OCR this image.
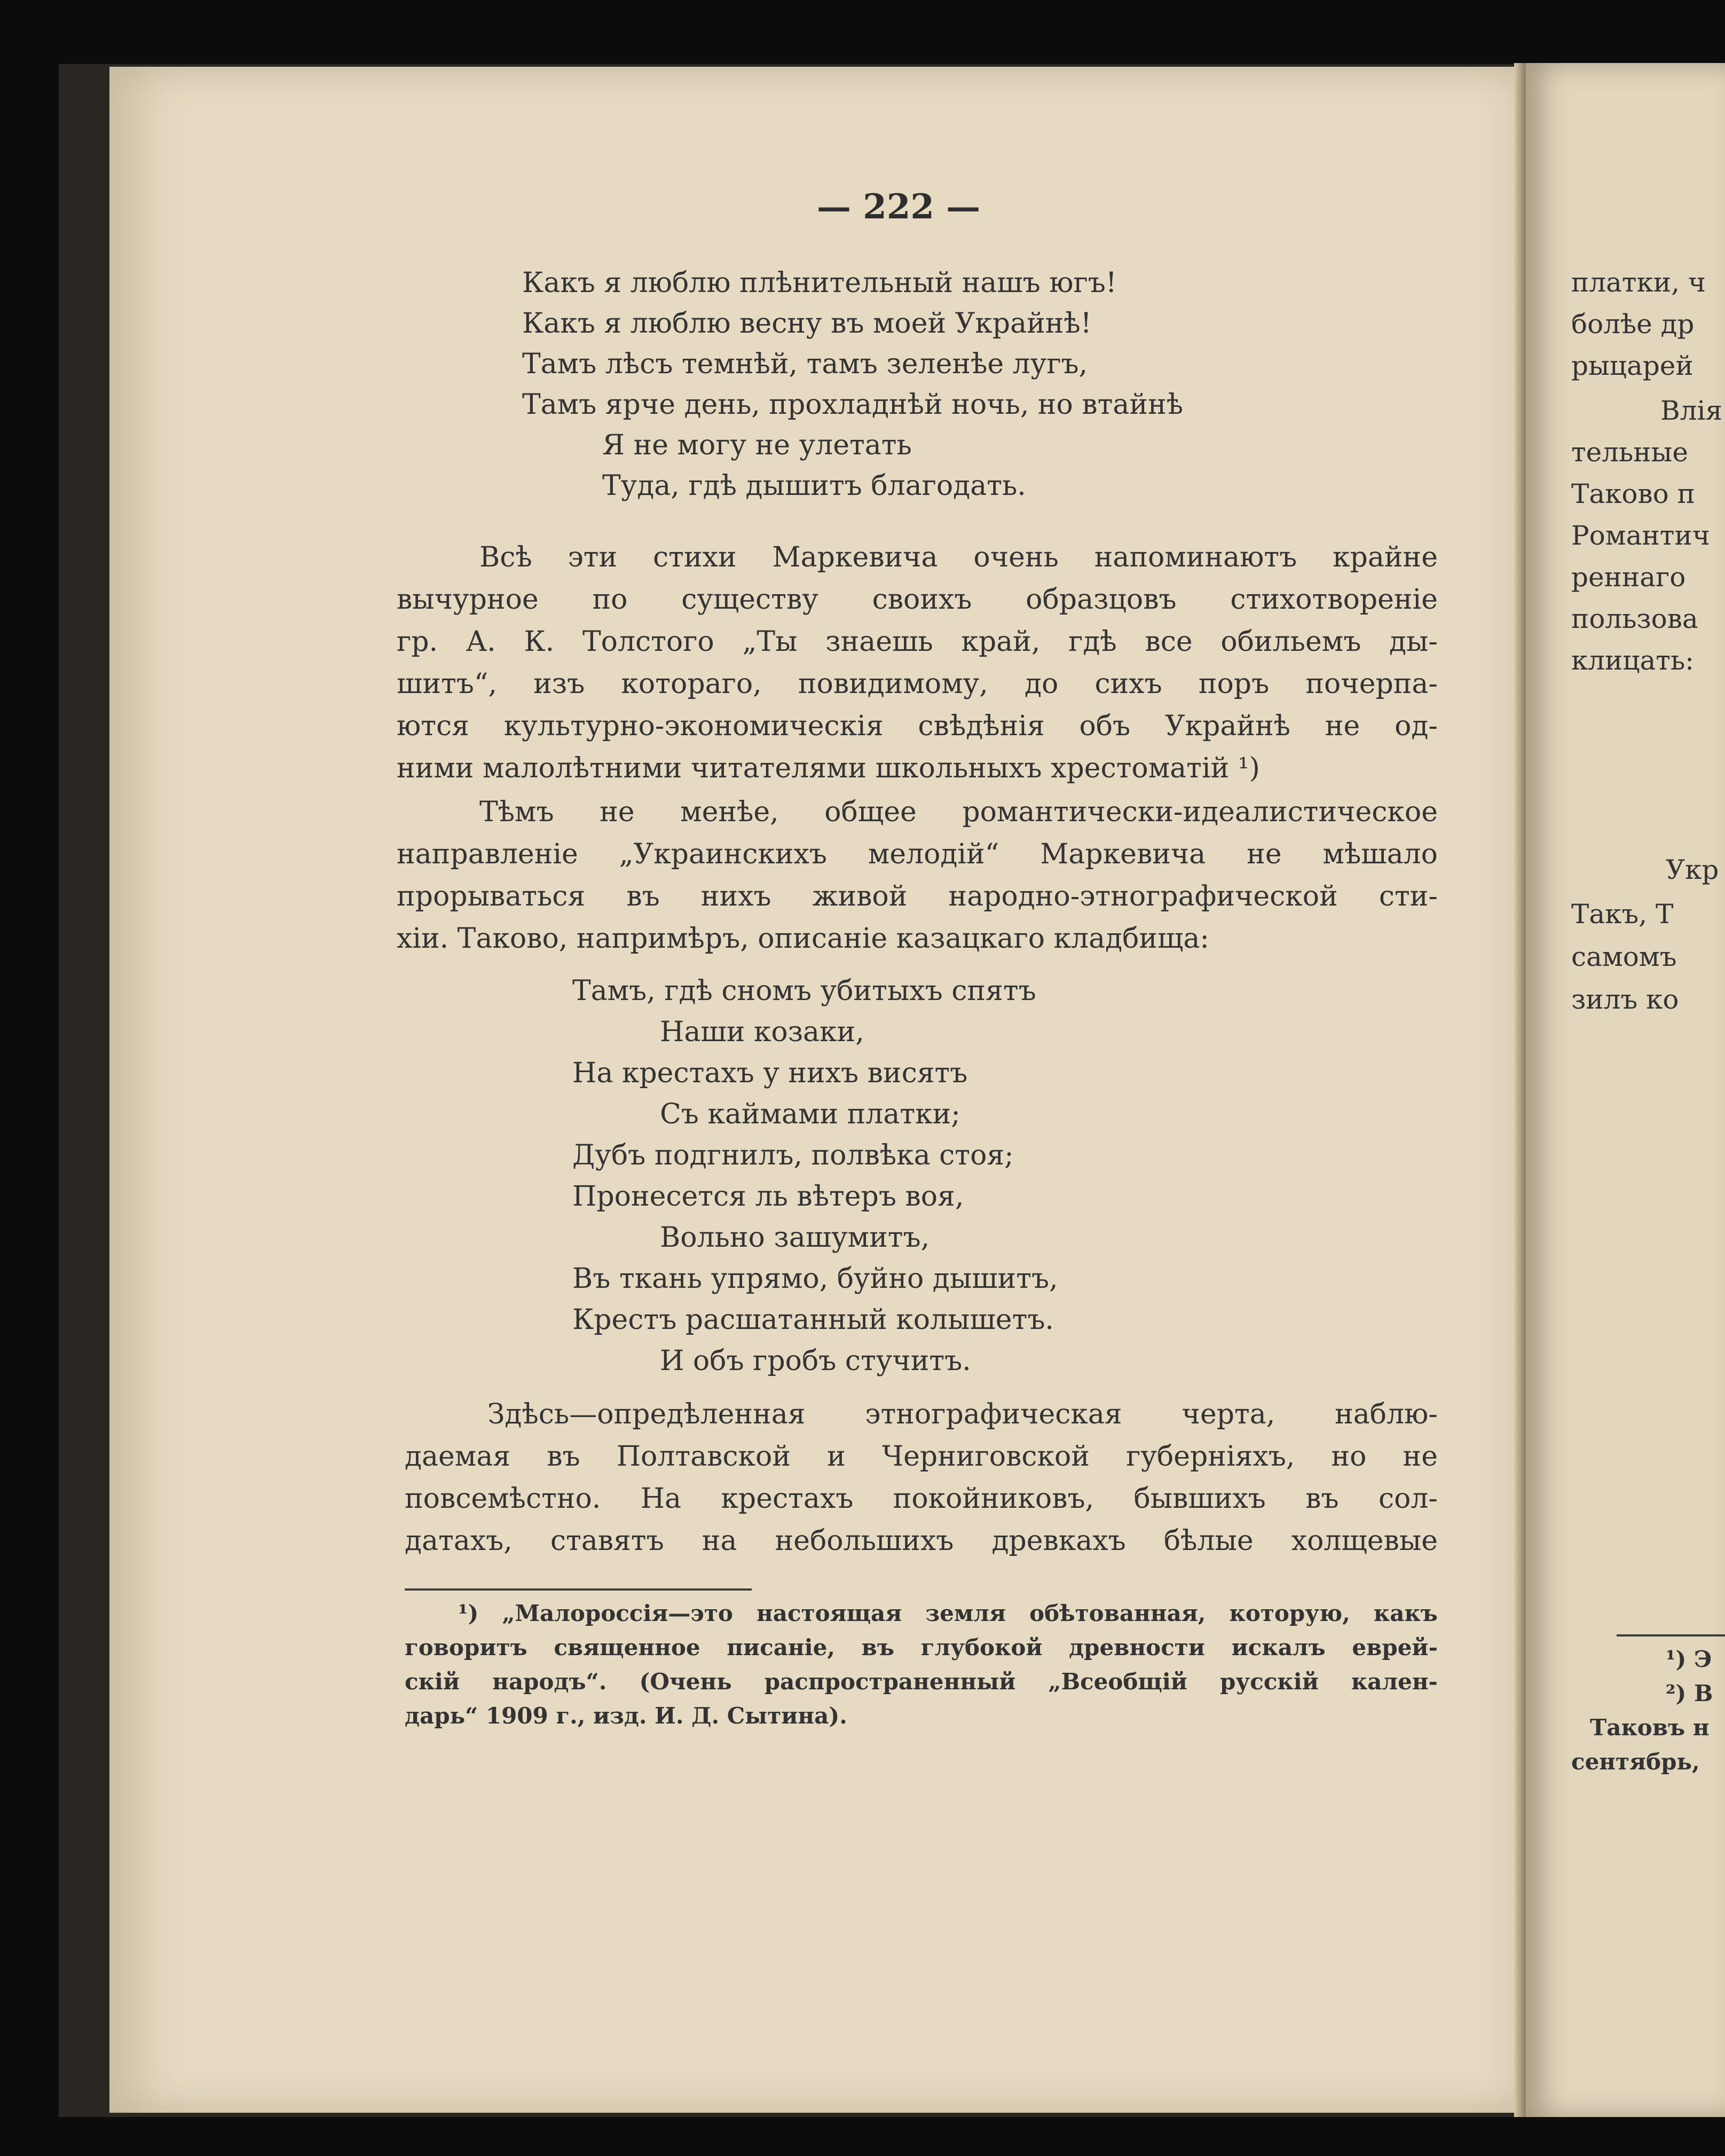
— 222 —
Какъ я люблю плѣнительный нашъ югъ!
Какъ я люблю весну въ моей Украйнѣ!
Тамъ лѣсъ темнѣй, тамъ зеленѣе лугъ,
Тамъ ярче день, прохладнѣй ночь, но втайнѣ
Я не могу не улетать
Туда, гдѣ дышитъ благодать.
Всѣ эти стихи Маркевича очень напоминаютъ крайне
вычурное по существу своихъ образцовъ стихотвореніе
гр. А. К. Толстого „Ты знаешь край, гдѣ все обильемъ ды-
шитъ“, изъ котораго, повидимому, до сихъ поръ почерпа-
ются культурно-экономическія свѣдѣнія объ Украйнѣ не од-
ними малолѣтними читателями школьныхъ хрестоматій ¹)
Тѣмъ не менѣе, общее романтически-идеалистическое
направленіе „Украинскихъ мелодій“ Маркевича не мѣшало
прорываться въ нихъ живой народно-этнографической сти-
хіи. Таково, напримѣръ, описаніе казацкаго кладбища:
Тамъ, гдѣ сномъ убитыхъ спятъ
Наши козаки,
На крестахъ у нихъ висятъ
Съ каймами платки;
Дубъ подгнилъ, полвѣка стоя;
Пронесется ль вѣтеръ воя,
Вольно зашумитъ,
Въ ткань упрямо, буйно дышитъ,
Крестъ расшатанный колышетъ.
И объ гробъ стучитъ.
Здѣсь—опредѣленная этнографическая черта, наблю-
даемая въ Полтавской и Черниговской губерніяхъ, но не
повсемѣстно. На крестахъ покойниковъ, бывшихъ въ сол-
датахъ, ставятъ на небольшихъ древкахъ бѣлые холщевые
¹) „Малороссія—это настоящая земля обѣтованная, которую, какъ
говоритъ священное писаніе, въ глубокой древности искалъ еврей-
скій народъ“. (Очень распространенный „Всеобщій русскій кален-
дарь“ 1909 г., изд. И. Д. Сытина).
платки, ч
болѣе др
рыцарей
Влія
тельные
Таково п
Романтич
реннаго
пользова
клицать:
Укр
Такъ, Т
самомъ
зилъ ко
¹) Э
²) В
Таковъ н
сентябрь,
